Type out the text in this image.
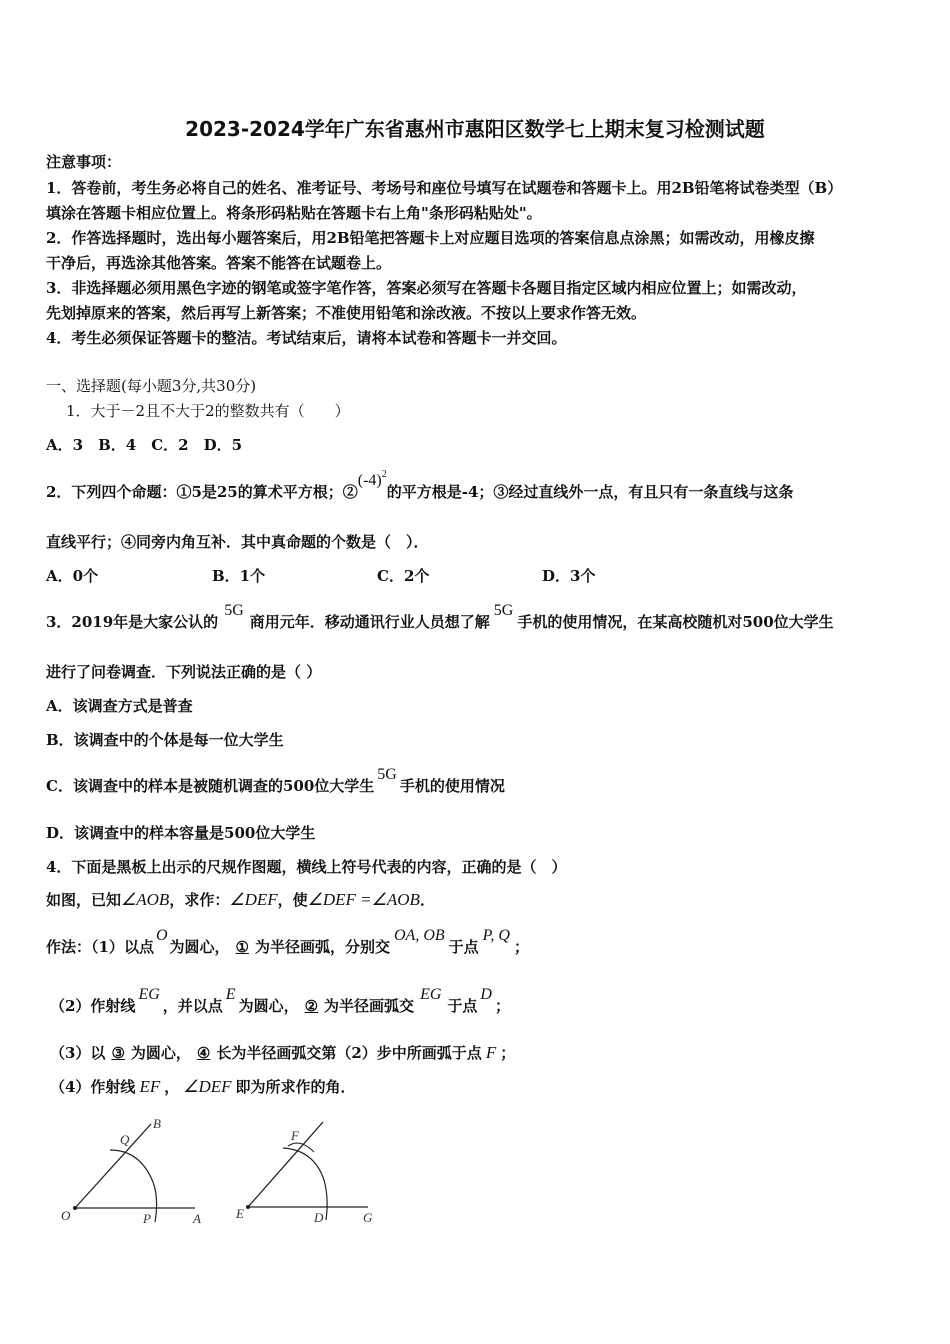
2023-2024学年广东省惠州市惠阳区数学七上期末复习检测试题
注意事项：
1．答卷前，考生务必将自己的姓名、准考证号、考场号和座位号填写在试题卷和答题卡上。用2B铅笔将试卷类型（B）
填涂在答题卡相应位置上。将条形码粘贴在答题卡右上角"条形码粘贴处"。
2．作答选择题时，选出每小题答案后，用2B铅笔把答题卡上对应题目选项的答案信息点涂黑；如需改动，用橡皮擦
干净后，再选涂其他答案。答案不能答在试题卷上。
3．非选择题必须用黑色字迹的钢笔或签字笔作答，答案必须写在答题卡各题目指定区域内相应位置上；如需改动，
先划掉原来的答案，然后再写上新答案；不准使用铅笔和涂改液。不按以上要求作答无效。
4．考生必须保证答题卡的整洁。考试结束后，请将本试卷和答题卡一并交回。
一、选择题(每小题3分,共30分)
1．大于－2且不大于2的整数共有（　　）
A．3　B．4　C．2　D．5
2．下列四个命题：①5是25的算术平方根；$②(-4)^2$的平方根是-4；③经过直线外一点，有且只有一条直线与这条
直线平行；④同旁内角互补．其中真命题的个数是（　）．
A．0个	B．1个	C．2个	D．3个
3．2019年是大家公认的5G商用元年．移动通讯行业人员想了解5G手机的使用情况，在某高校随机对500位大学生
进行了问卷调查．下列说法正确的是（ ）
A．该调查方式是普查
B．该调查中的个体是每一位大学生
C．该调查中的样本是被随机调查的500位大学生5G手机的使用情况
D．该调查中的样本容量是500位大学生
4．下面是黑板上出示的尺规作图题，横线上符号代表的内容，正确的是（　）
如图，已知∠AOB，求作：∠DEF，使∠DEF =∠AOB．
作法：（1）以点O为圆心， ① 为半径画弧，分别交OA, OB于点P, Q；
（2）作射线EG，并以点E为圆心， ② 为半径画弧交EG于点D；
（3）以 ③ 为圆心， ④ 长为半径画弧交第（2）步中所画弧于点 F ；
（4）作射线 EF ， ∠DEF 即为所求作的角．
O
Q
B
P	A	E
F
D	G
